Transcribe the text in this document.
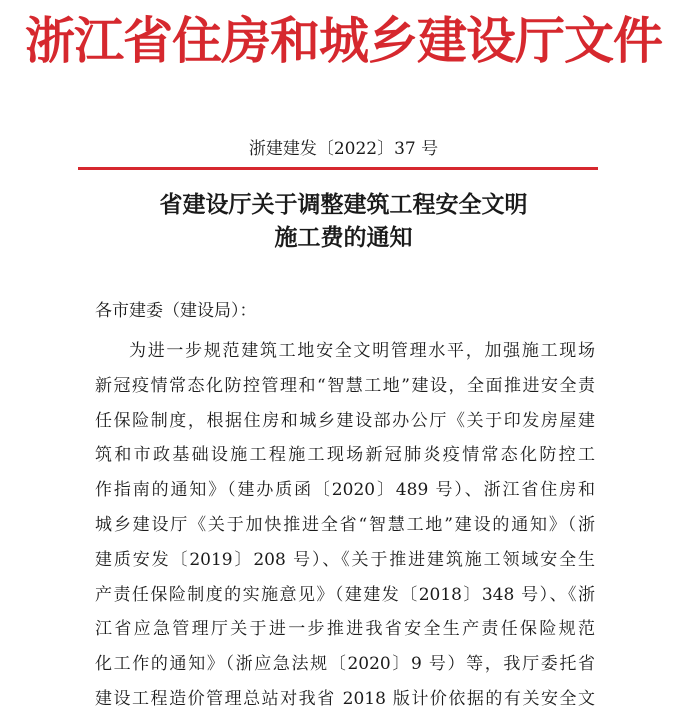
浙江省住房和城乡建设厅文件
浙建建发〔2022〕37 号
省建设厅关于调整建筑工程安全文明
施工费的通知
各市建委（建设局）：
为进一步规范建筑工地安全文明管理水平，加强施工现场
新冠疫情常态化防控管理和“智慧工地”建设，全面推进安全责
任保险制度，根据住房和城乡建设部办公厅《关于印发房屋建
筑和市政基础设施工程施工现场新冠肺炎疫情常态化防控工
作指南的通知》（建办质函〔2020〕489 号）、浙江省住房和
城乡建设厅《关于加快推进全省“智慧工地”建设的通知》（浙
建质安发〔2019〕208 号）、《关于推进建筑施工领域安全生
产责任保险制度的实施意见》（建建发〔2018〕348 号）、《浙
江省应急管理厅关于进一步推进我省安全生产责任保险规范
化工作的通知》（浙应急法规〔2020〕9 号）等，我厅委托省
建设工程造价管理总站对我省 2018 版计价依据的有关安全文
